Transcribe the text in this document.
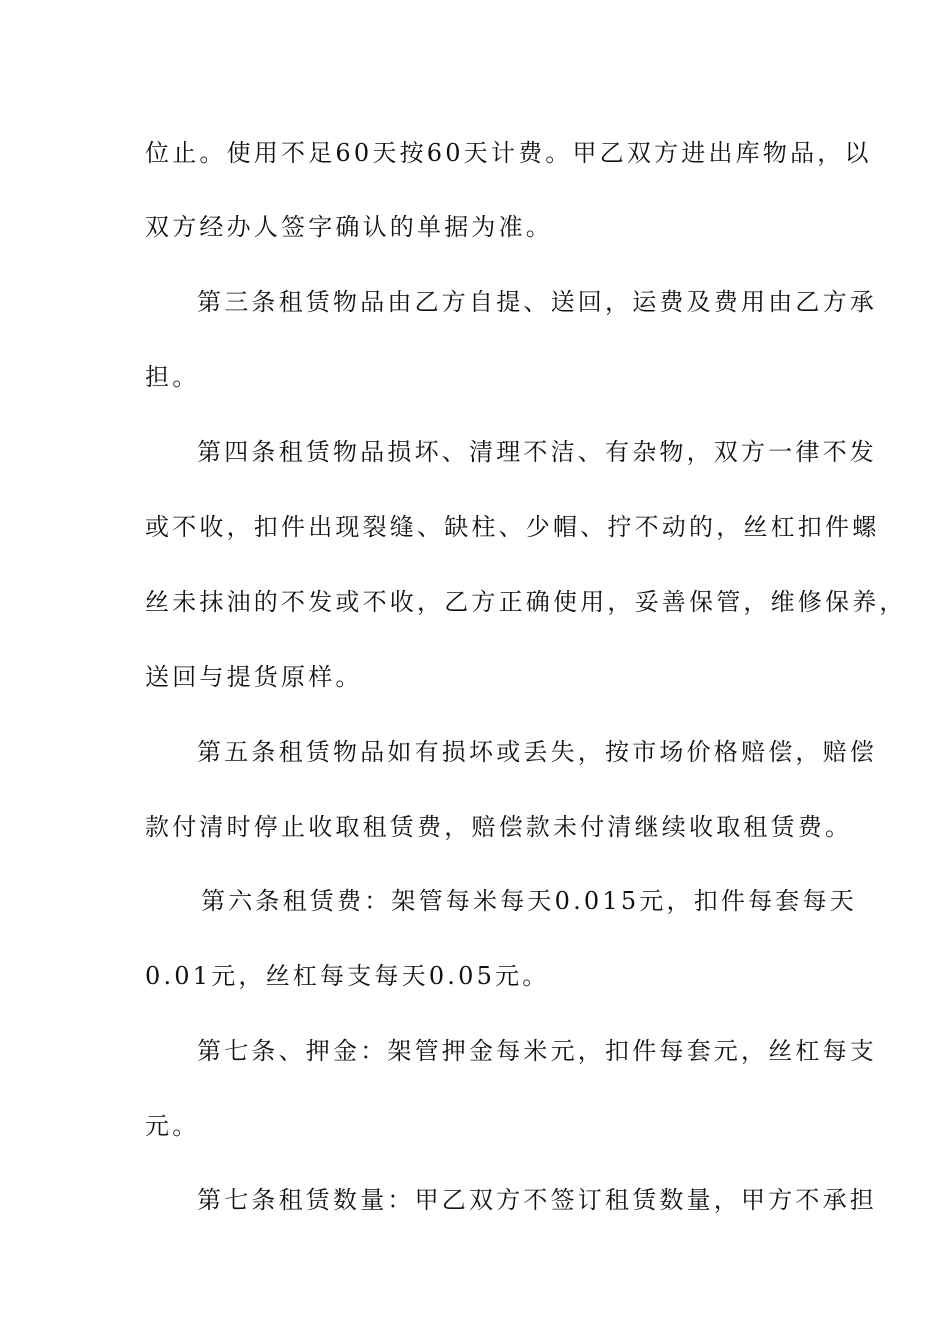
位止。使用不足60天按60天计费。甲乙双方进出库物品，以
双方经办人签字确认的单据为准。
第三条租赁物品由乙方自提、送回，运费及费用由乙方承
担。
第四条租赁物品损坏、清理不洁、有杂物，双方一律不发
或不收，扣件出现裂缝、缺柱、少帽、拧不动的，丝杠扣件螺
丝未抹油的不发或不收，乙方正确使用，妥善保管，维修保养，
送回与提货原样。
第五条租赁物品如有损坏或丢失，按市场价格赔偿，赔偿
款付清时停止收取租赁费，赔偿款未付清继续收取租赁费。
第六条租赁费：架管每米每天0.015元，扣件每套每天
0.01元，丝杠每支每天0.05元。
第七条、押金：架管押金每米元，扣件每套元，丝杠每支
元。
第七条租赁数量：甲乙双方不签订租赁数量，甲方不承担
